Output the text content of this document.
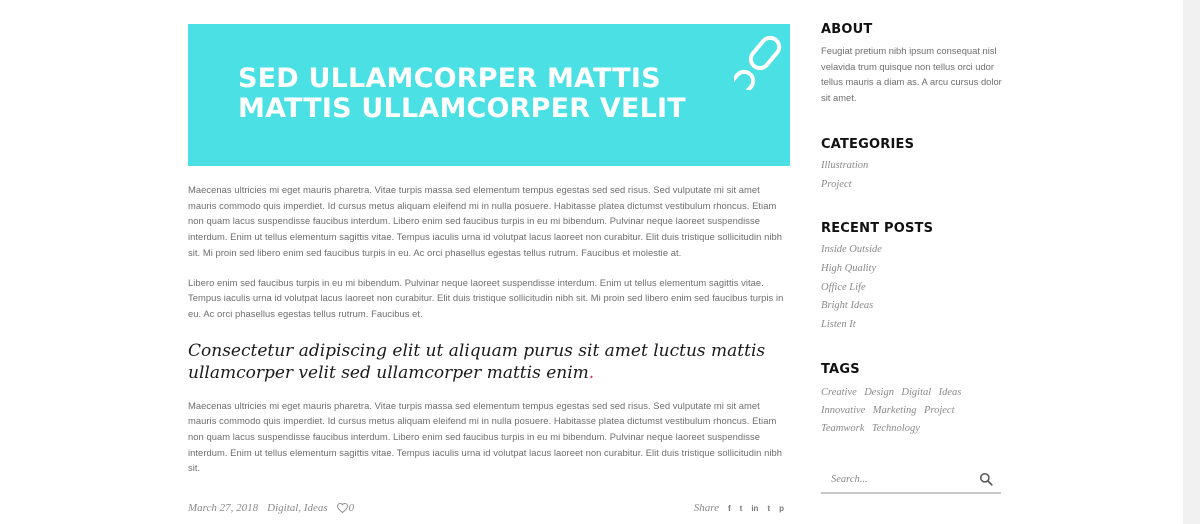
SED ULLAMCORPER MATTIS
MATTIS ULLAMCORPER VELIT

Maecenas ultricies mi eget mauris pharetra. Vitae turpis massa sed elementum tempus egestas sed sed risus. Sed vulputate mi sit amet mauris commodo quis imperdiet. Id cursus metus aliquam eleifend mi in nulla posuere. Habitasse platea dictumst vestibulum rhoncus. Etiam non quam lacus suspendisse faucibus interdum. Libero enim sed faucibus turpis in eu mi bibendum. Pulvinar neque laoreet suspendisse interdum. Enim ut tellus elementum sagittis vitae. Tempus iaculis urna id volutpat lacus laoreet non curabitur. Elit duis tristique sollicitudin nibh sit. Mi proin sed libero enim sed faucibus turpis in eu. Ac orci phasellus egestas tellus rutrum. Faucibus et molestie at.

Libero enim sed faucibus turpis in eu mi bibendum. Pulvinar neque laoreet suspendisse interdum. Enim ut tellus elementum sagittis vitae. Tempus iaculis urna id volutpat lacus laoreet non curabitur. Elit duis tristique sollicitudin nibh sit. Mi proin sed libero enim sed faucibus turpis in eu. Ac orci phasellus egestas tellus rutrum. Faucibus et.

Consectetur adipiscing elit ut aliquam purus sit amet luctus mattis ullamcorper velit sed ullamcorper mattis enim.

Maecenas ultricies mi eget mauris pharetra. Vitae turpis massa sed elementum tempus egestas sed sed risus. Sed vulputate mi sit amet mauris commodo quis imperdiet. Id cursus metus aliquam eleifend mi in nulla posuere. Habitasse platea dictumst vestibulum rhoncus. Etiam non quam lacus suspendisse faucibus interdum. Libero enim sed faucibus turpis in eu mi bibendum. Pulvinar neque laoreet suspendisse interdum. Enim ut tellus elementum sagittis vitae. Tempus iaculis urna id volutpat lacus laoreet non curabitur. Elit duis tristique sollicitudin nibh sit.

March 27, 2018 Digital, Ideas 0	Share f t in t p
ABOUT

Feugiat pretium nibh ipsum consequat nisl velavida trum quisque non tellus orci udor tellus mauris a diam as. A arcu cursus dolor sit amet.

CATEGORIES
Illustration
Project
RECENT POSTS
Inside Outside
High Quality
Office Life
Bright Ideas
Listen It
TAGS
Creative Design Digital Ideas Innovative Marketing Project Teamwork Technology
Search...
